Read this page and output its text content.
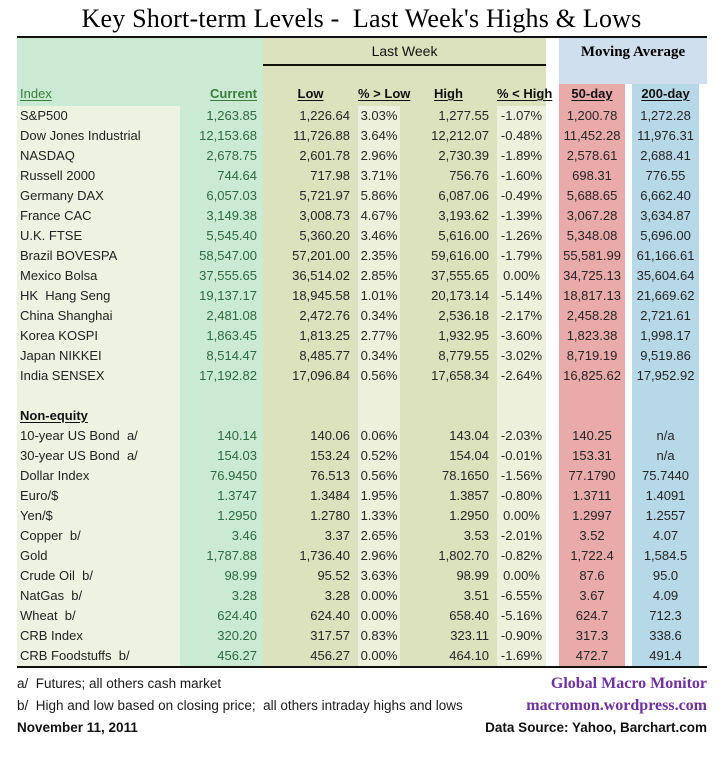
Key Short-term Levels -  Last Week's Highs & Lows
		Last Week				Moving Average	

Index	Current	Low	% > Low	High	% < High	50-day	200-day
S&P500	1,263.85	1,226.64	3.03%	1,277.55	-1.07%	1,200.78	1,272.28
Dow Jones Industrial	12,153.68	11,726.88	3.64%	12,212.07	-0.48%	11,452.28	11,976.31
NASDAQ	2,678.75	2,601.78	2.96%	2,730.39	-1.89%	2,578.61	2,688.41
Russell 2000	744.64	717.98	3.71%	756.76	-1.60%	698.31	776.55
Germany DAX	6,057.03	5,721.97	5.86%	6,087.06	-0.49%	5,688.65	6,662.40
France CAC	3,149.38	3,008.73	4.67%	3,193.62	-1.39%	3,067.28	3,634.87
U.K. FTSE	5,545.40	5,360.20	3.46%	5,616.00	-1.26%	5,348.08	5,696.00
Brazil BOVESPA	58,547.00	57,201.00	2.35%	59,616.00	-1.79%	55,581.99	61,166.61
Mexico Bolsa	37,555.65	36,514.02	2.85%	37,555.65	0.00%	34,725.13	35,604.64
HK  Hang Seng	19,137.17	18,945.58	1.01%	20,173.14	-5.14%	18,817.13	21,669.62
China Shanghai	2,481.08	2,472.76	0.34%	2,536.18	-2.17%	2,458.28	2,721.61
Korea KOSPI	1,863.45	1,813.25	2.77%	1,932.95	-3.60%	1,823.38	1,998.17
Japan NIKKEI	8,514.47	8,485.77	0.34%	8,779.55	-3.02%	8,719.19	9,519.86
India SENSEX	17,192.82	17,096.84	0.56%	17,658.34	-2.64%	16,825.62	17,952.92

Non-equity							
10-year US Bond  a/	140.14	140.06	0.06%	143.04	-2.03%	140.25	n/a
30-year US Bond  a/	154.03	153.24	0.52%	154.04	-0.01%	153.31	n/a
Dollar Index	76.9450	76.513	0.56%	78.1650	-1.56%	77.1790	75.7440
Euro/$	1.3747	1.3484	1.95%	1.3857	-0.80%	1.3711	1.4091
Yen/$	1.2950	1.2780	1.33%	1.2950	0.00%	1.2997	1.2557
Copper  b/	3.46	3.37	2.65%	3.53	-2.01%	3.52	4.07
Gold	1,787.88	1,736.40	2.96%	1,802.70	-0.82%	1,722.4	1,584.5
Crude Oil  b/	98.99	95.52	3.63%	98.99	0.00%	87.6	95.0
NatGas  b/	3.28	3.28	0.00%	3.51	-6.55%	3.67	4.09
Wheat  b/	624.40	624.40	0.00%	658.40	-5.16%	624.7	712.3
CRB Index	320.20	317.57	0.83%	323.11	-0.90%	317.3	338.6
CRB Foodstuffs  b/	456.27	456.27	0.00%	464.10	-1.69%	472.7	491.4
a/  Futures; all others cash market
b/  High and low based on closing price;  all others intraday highs and lows
November 11, 2011
Global Macro Monitor
macromon.wordpress.com
Data Source: Yahoo, Barchart.com
